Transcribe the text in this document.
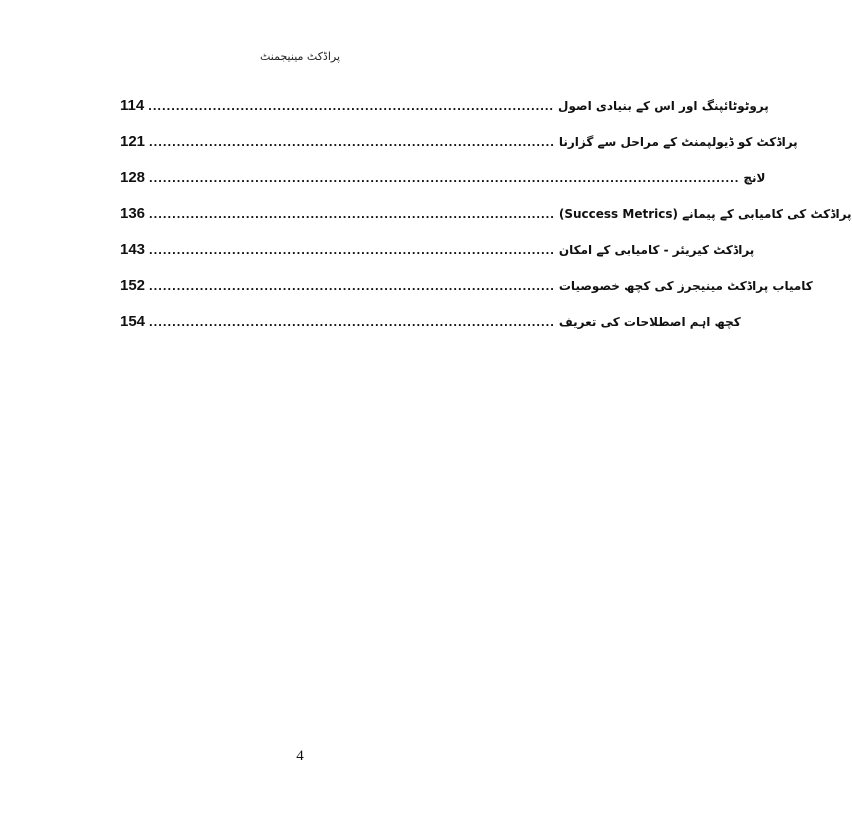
پراڈکٹ مینیجمنٹ
114 ........................................................................................ پروٹوٹائپنگ اور اس کے بنیادی اصول
121 ........................................................................................ پراڈکٹ کو ڈیولپمنٹ کے مراحل سے گزارنا
128 ................................................................................................................................ لانچ
136 ........................................................................................ پراڈکٹ کی کامیابی کے پیمانے (Success Metrics)
143 ........................................................................................ پراڈکٹ کیریئر - کامیابی کے امکان
152 ........................................................................................ کامیاب پراڈکٹ مینیجرز کی کچھ خصوصیات
154 ........................................................................................ کچھ اہم اصطلاحات کی تعریف
4
